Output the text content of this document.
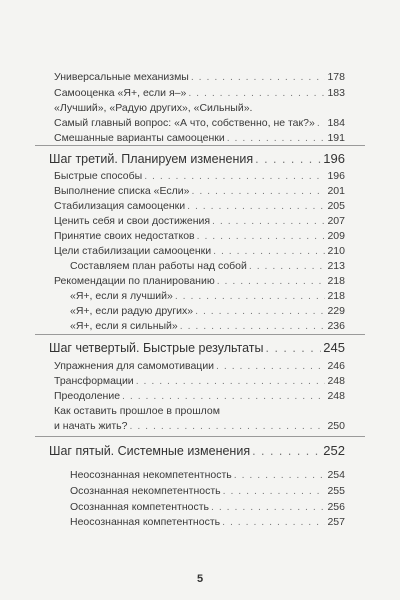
Универсальные механизмы . . .	178
Самооценка «Я+, если я–» . . .	183
«Лучший», «Радую других», «Сильный».
Самый главный вопрос: «А что, собственно, не так?» . . . 184
Смешанные варианты самооценки . . .	191
Шаг третий. Планируем изменения . . .	196
Быстрые способы . . .	196
Выполнение списка «Если» . . .	201
Стабилизация самооценки . . .	205
Ценить себя и свои достижения . . .	207
Принятие своих недостатков . . .	209
Цели стабилизации самооценки . . .	210
Составляем план работы над собой . . .	213
Рекомендации по планированию . . .	218
«Я+, если я лучший» . . .	218
«Я+, если радую других» . . .	229
«Я+, если я сильный» . . .	236
Шаг четвертый. Быстрые результаты . . .	245
Упражнения для самомотивации . . .	246
Трансформации . . .	248
Преодоление . . .	248
Как оставить прошлое в прошлом
и начать жить? . . .	250
Шаг пятый. Системные изменения . . .	252
Неосознанная некомпетентность . . .	254
Осознанная некомпетентность . . .	255
Осознанная компетентность . . .	256
Неосознанная компетентность . . .	257
5
